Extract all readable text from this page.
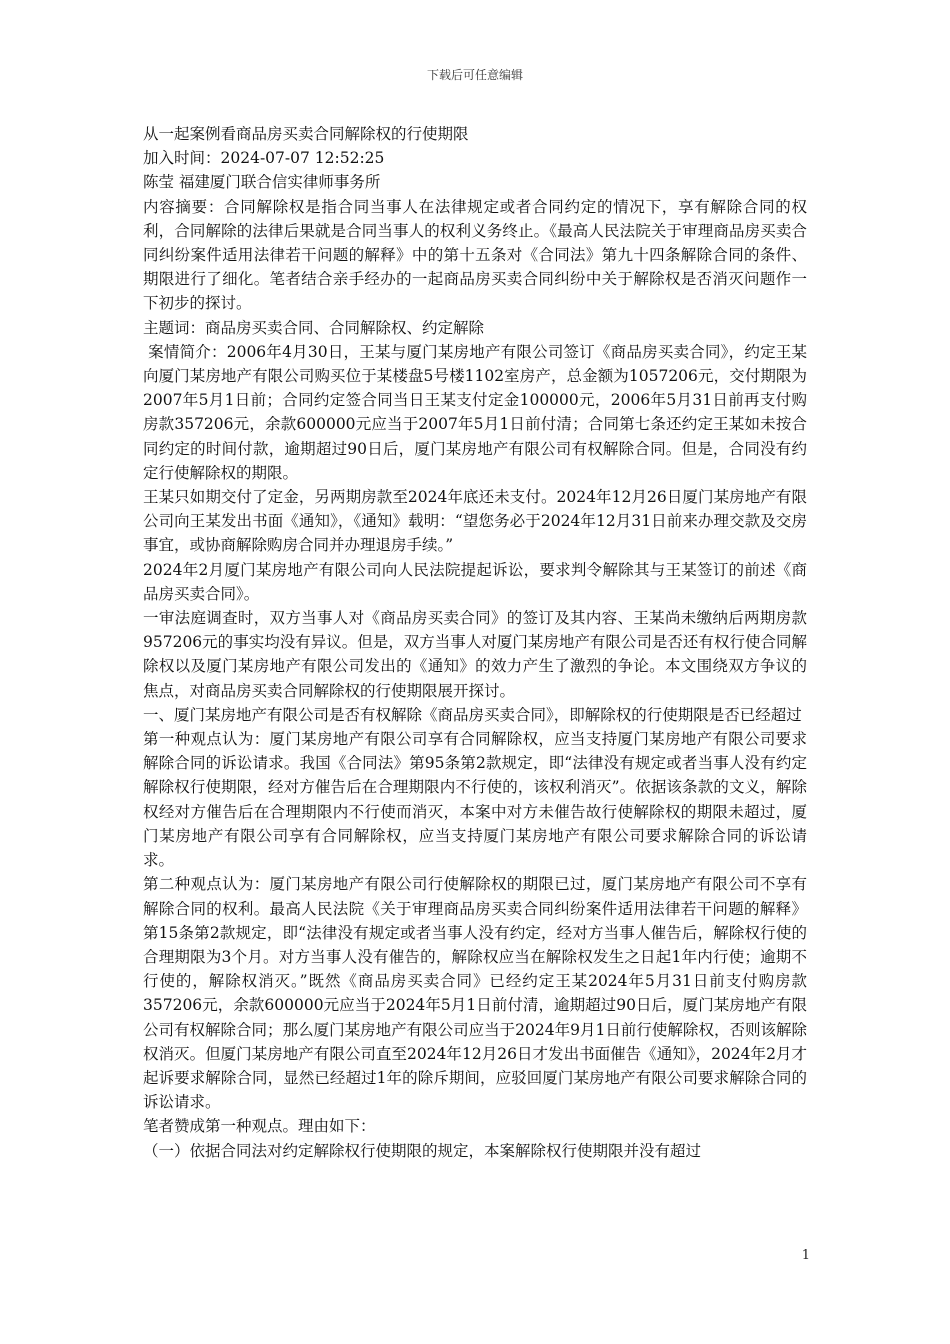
下载后可任意编辑

从一起案例看商品房买卖合同解除权的行使期限

加入时间：2024-07-07 12:52:25

陈莹 福建厦门联合信实律师事务所

内容摘要：合同解除权是指合同当事人在法律规定或者合同约定的情况下，享有解除合同的权利，合同解除的法律后果就是合同当事人的权利义务终止。《最高人民法院关于审理商品房买卖合同纠纷案件适用法律若干问题的解释》中的第十五条对《合同法》第九十四条解除合同的条件、期限进行了细化。笔者结合亲手经办的一起商品房买卖合同纠纷中关于解除权是否消灭问题作一下初步的探讨。

主题词：商品房买卖合同、合同解除权、约定解除

案情简介：2006年4月30日，王某与厦门某房地产有限公司签订《商品房买卖合同》，约定王某向厦门某房地产有限公司购买位于某楼盘5号楼1102室房产，总金额为1057206元，交付期限为2007年5月1日前；合同约定签合同当日王某支付定金100000元，2006年5月31日前再支付购房款357206元，余款600000元应当于2007年5月1日前付清；合同第七条还约定王某如未按合同约定的时间付款，逾期超过90日后，厦门某房地产有限公司有权解除合同。但是，合同没有约定行使解除权的期限。

王某只如期交付了定金，另两期房款至2024年底还未支付。2024年12月26日厦门某房地产有限公司向王某发出书面《通知》，《通知》载明：“望您务必于2024年12月31日前来办理交款及交房事宜，或协商解除购房合同并办理退房手续。”

2024年2月厦门某房地产有限公司向人民法院提起诉讼，要求判令解除其与王某签订的前述《商品房买卖合同》。

一审法庭调查时，双方当事人对《商品房买卖合同》的签订及其内容、王某尚未缴纳后两期房款957206元的事实均没有异议。但是，双方当事人对厦门某房地产有限公司是否还有权行使合同解除权以及厦门某房地产有限公司发出的《通知》的效力产生了激烈的争论。本文围绕双方争议的焦点，对商品房买卖合同解除权的行使期限展开探讨。

一、厦门某房地产有限公司是否有权解除《商品房买卖合同》，即解除权的行使期限是否已经超过

第一种观点认为：厦门某房地产有限公司享有合同解除权，应当支持厦门某房地产有限公司要求解除合同的诉讼请求。我国《合同法》第95条第2款规定，即“法律没有规定或者当事人没有约定解除权行使期限，经对方催告后在合理期限内不行使的，该权利消灭”。依据该条款的文义，解除权经对方催告后在合理期限内不行使而消灭，本案中对方未催告故行使解除权的期限未超过，厦门某房地产有限公司享有合同解除权，应当支持厦门某房地产有限公司要求解除合同的诉讼请求。

第二种观点认为：厦门某房地产有限公司行使解除权的期限已过，厦门某房地产有限公司不享有解除合同的权利。最高人民法院《关于审理商品房买卖合同纠纷案件适用法律若干问题的解释》第15条第2款规定，即“法律没有规定或者当事人没有约定，经对方当事人催告后，解除权行使的合理期限为3个月。对方当事人没有催告的，解除权应当在解除权发生之日起1年内行使；逾期不行使的，解除权消灭。”既然《商品房买卖合同》已经约定王某2024年5月31日前支付购房款357206元，余款600000元应当于2024年5月1日前付清，逾期超过90日后，厦门某房地产有限公司有权解除合同；那么厦门某房地产有限公司应当于2024年9月1日前行使解除权，否则该解除权消灭。但厦门某房地产有限公司直至2024年12月26日才发出书面催告《通知》，2024年2月才起诉要求解除合同，显然已经超过1年的除斥期间，应驳回厦门某房地产有限公司要求解除合同的诉讼请求。

笔者赞成第一种观点。理由如下：

（一）依据合同法对约定解除权行使期限的规定，本案解除权行使期限并没有超过

1
